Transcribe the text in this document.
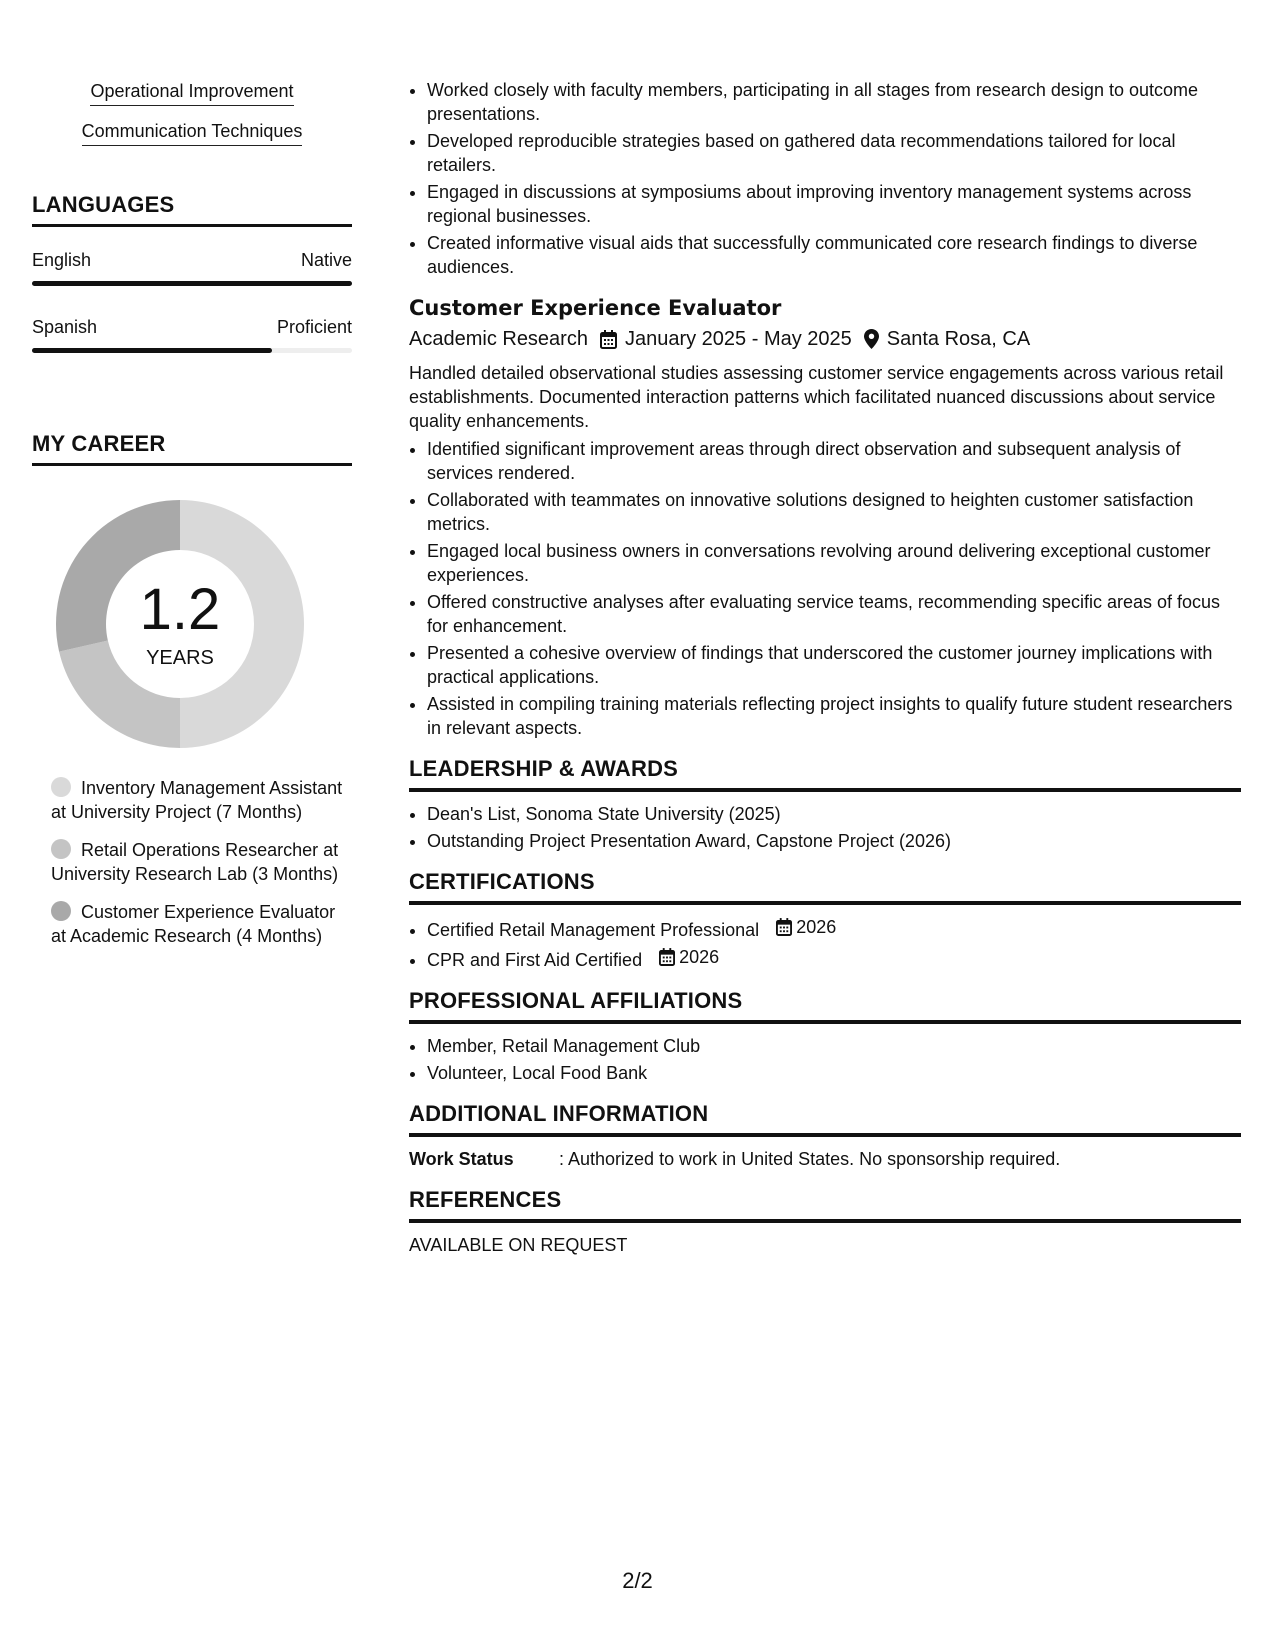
Operational Improvement
Communication Techniques
LANGUAGES
English	Native
Spanish	Proficient
MY CAREER
1.2
YEARS
Inventory Management Assistant at University Project (7 Months)
Retail Operations Researcher at University Research Lab (3 Months)
Customer Experience Evaluator at Academic Research (4 Months)
• Worked closely with faculty members, participating in all stages from research design to outcome presentations.
• Developed reproducible strategies based on gathered data recommendations tailored for local retailers.
• Engaged in discussions at symposiums about improving inventory management systems across regional businesses.
• Created informative visual aids that successfully communicated core research findings to diverse audiences.
Customer Experience Evaluator
Academic Research January 2025 - May 2025 Santa Rosa, CA
Handled detailed observational studies assessing customer service engagements across various retail establishments. Documented interaction patterns which facilitated nuanced discussions about service quality enhancements.
• Identified significant improvement areas through direct observation and subsequent analysis of services rendered.
• Collaborated with teammates on innovative solutions designed to heighten customer satisfaction metrics.
• Engaged local business owners in conversations revolving around delivering exceptional customer experiences.
• Offered constructive analyses after evaluating service teams, recommending specific areas of focus for enhancement.
• Presented a cohesive overview of findings that underscored the customer journey implications with practical applications.
• Assisted in compiling training materials reflecting project insights to qualify future student researchers in relevant aspects.
LEADERSHIP & AWARDS
• Dean's List, Sonoma State University (2025)
• Outstanding Project Presentation Award, Capstone Project (2026)
CERTIFICATIONS
• Certified Retail Management Professional 2026
• CPR and First Aid Certified 2026
PROFESSIONAL AFFILIATIONS
• Member, Retail Management Club
• Volunteer, Local Food Bank
ADDITIONAL INFORMATION
Work Status	: Authorized to work in United States. No sponsorship required.
REFERENCES
AVAILABLE ON REQUEST
2/2
